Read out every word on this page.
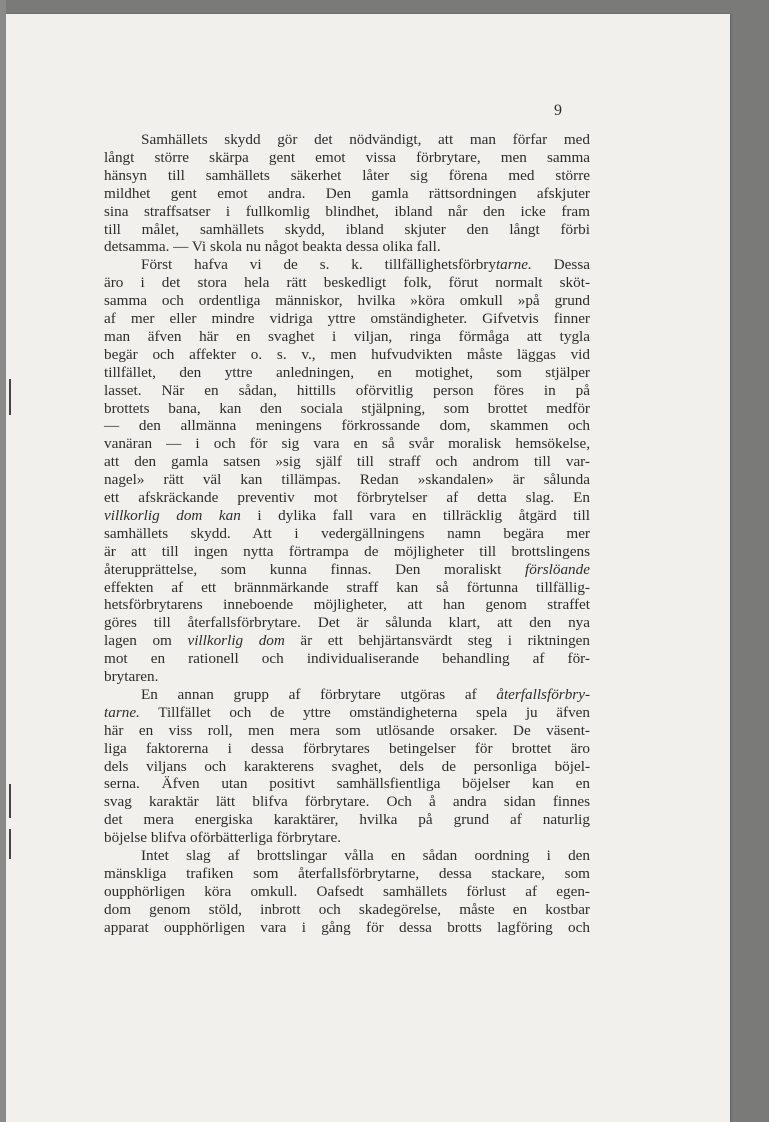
9
Samhällets skydd gör det nödvändigt, att man förfar med
långt större skärpa gent emot vissa förbrytare, men samma
hänsyn till samhällets säkerhet låter sig förena med större
mildhet gent emot andra. Den gamla rättsordningen afskjuter
sina straffsatser i fullkomlig blindhet, ibland når den icke fram
till målet, samhällets skydd, ibland skjuter den långt förbi
detsamma. — Vi skola nu något beakta dessa olika fall.
Först hafva vi de s. k. tillfällighetsförbrytarne. Dessa
äro i det stora hela rätt beskedligt folk, förut normalt sköt-
samma och ordentliga människor, hvilka »köra omkull »på grund
af mer eller mindre vidriga yttre omständigheter. Gifvetvis finner
man äfven här en svaghet i viljan, ringa förmåga att tygla
begär och affekter o. s. v., men hufvudvikten måste läggas vid
tillfället, den yttre anledningen, en motighet, som stjälper
lasset. När en sådan, hittills oförvitlig person föres in på
brottets bana, kan den sociala stjälpning, som brottet medför
— den allmänna meningens förkrossande dom, skammen och
vanäran — i och för sig vara en så svår moralisk hemsökelse,
att den gamla satsen »sig själf till straff och androm till var-
nagel» rätt väl kan tillämpas. Redan »skandalen» är sålunda
ett afskräckande preventiv mot förbrytelser af detta slag. En
villkorlig dom kan i dylika fall vara en tillräcklig åtgärd till
samhällets skydd. Att i vedergällningens namn begära mer
är att till ingen nytta förtrampa de möjligheter till brottslingens
återupprättelse, som kunna finnas. Den moraliskt förslöande
effekten af ett brännmärkande straff kan så förtunna tillfällig-
hetsförbrytarens inneboende möjligheter, att han genom straffet
göres till återfallsförbrytare. Det är sålunda klart, att den nya
lagen om villkorlig dom är ett behjärtansvärdt steg i riktningen
mot en rationell och individualiserande behandling af för-
brytaren.
En annan grupp af förbrytare utgöras af återfallsförbry-
tarne. Tillfället och de yttre omständigheterna spela ju äfven
här en viss roll, men mera som utlösande orsaker. De väsent-
liga faktorerna i dessa förbrytares betingelser för brottet äro
dels viljans och karakterens svaghet, dels de personliga böjel-
serna. Äfven utan positivt samhällsfientliga böjelser kan en
svag karaktär lätt blifva förbrytare. Och å andra sidan finnes
det mera energiska karaktärer, hvilka på grund af naturlig
böjelse blifva oförbätterliga förbrytare.
Intet slag af brottslingar vålla en sådan oordning i den
mänskliga trafiken som återfallsförbrytarne, dessa stackare, som
oupphörligen köra omkull. Oafsedt samhällets förlust af egen-
dom genom stöld, inbrott och skadegörelse, måste en kostbar
apparat oupphörligen vara i gång för dessa brotts lagföring och
